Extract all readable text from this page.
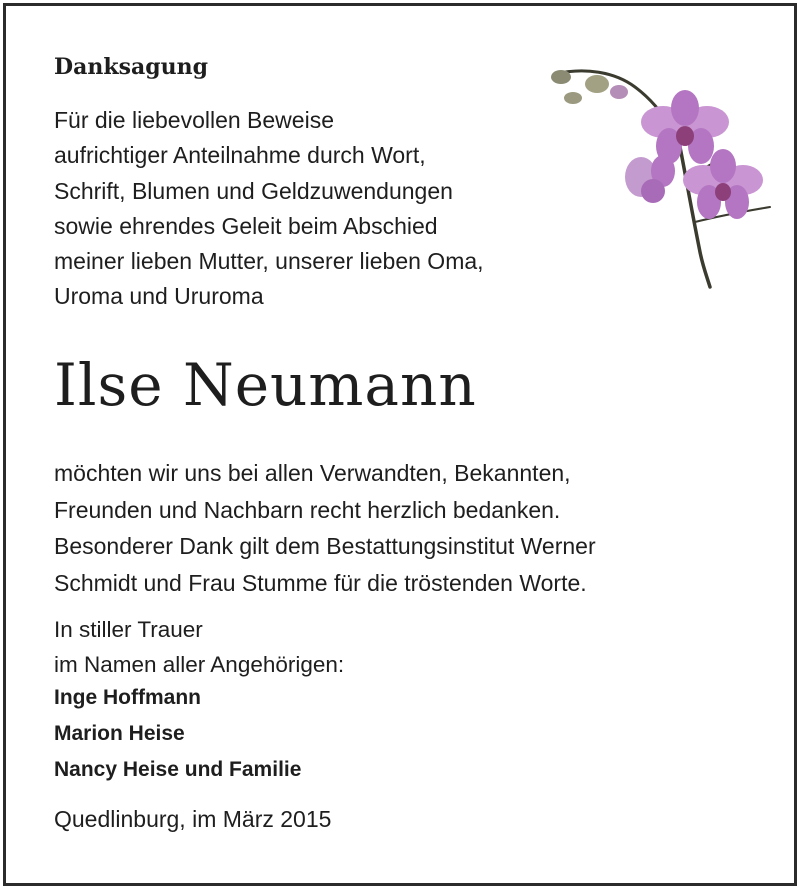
Danksagung
Für die liebevollen Beweise
aufrichtiger Anteilnahme durch Wort,
Schrift, Blumen und Geldzuwendungen
sowie ehrendes Geleit beim Abschied
meiner lieben Mutter, unserer lieben Oma,
Uroma und Ururoma
Ilse Neumann
möchten wir uns bei allen Verwandten, Bekannten,
Freunden und Nachbarn recht herzlich bedanken.
Besonderer Dank gilt dem Bestattungsinstitut Werner
Schmidt und Frau Stumme für die tröstenden Worte.
In stiller Trauer
im Namen aller Angehörigen:
Inge Hoffmann
Marion Heise
Nancy Heise und Familie
Quedlinburg, im März 2015
